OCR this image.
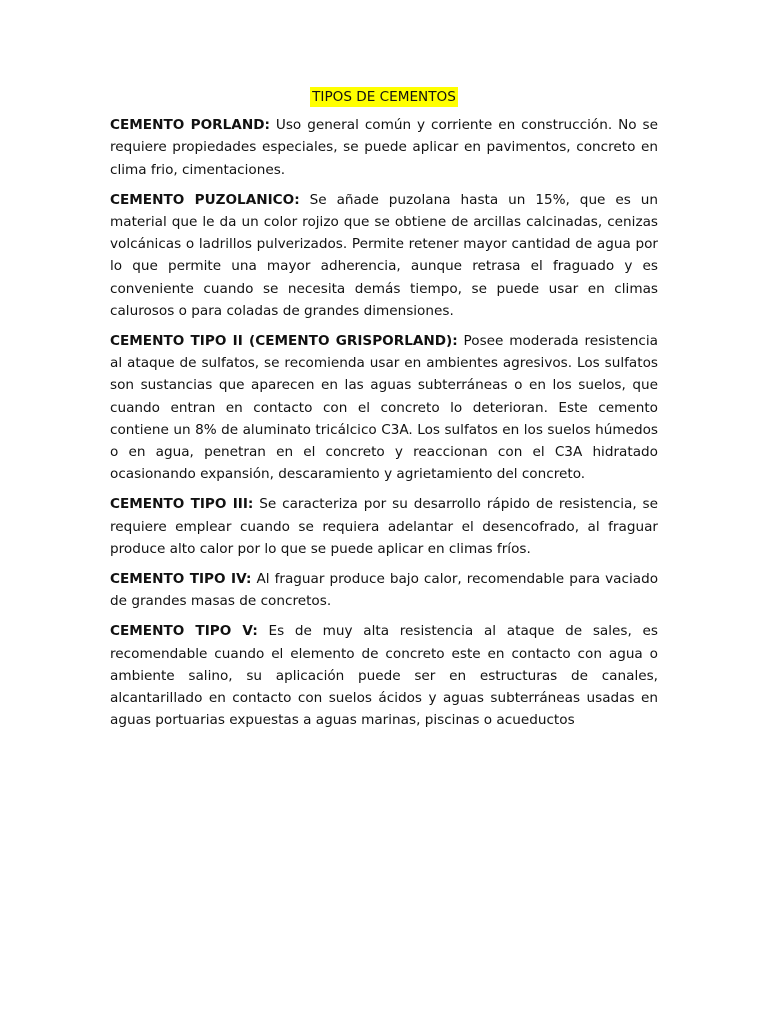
TIPOS DE CEMENTOS

CEMENTO PORLAND: Uso general común y corriente en construcción. No se requiere propiedades especiales, se puede aplicar en pavimentos, concreto en clima frio, cimentaciones.

CEMENTO PUZOLANICO: Se añade puzolana hasta un 15%, que es un material que le da un color rojizo que se obtiene de arcillas calcinadas, cenizas volcánicas o ladrillos pulverizados. Permite retener mayor cantidad de agua por lo que permite una mayor adherencia, aunque retrasa el fraguado y es conveniente cuando se necesita demás tiempo, se puede usar en climas calurosos o para coladas de grandes dimensiones.

CEMENTO TIPO II (CEMENTO GRISPORLAND): Posee moderada resistencia al ataque de sulfatos, se recomienda usar en ambientes agresivos. Los sulfatos son sustancias que aparecen en las aguas subterráneas o en los suelos, que cuando entran en contacto con el concreto lo deterioran. Este cemento contiene un 8% de aluminato tricálcico C3A. Los sulfatos en los suelos húmedos o en agua, penetran en el concreto y reaccionan con el C3A hidratado ocasionando expansión, descaramiento y agrietamiento del concreto.

CEMENTO TIPO III: Se caracteriza por su desarrollo rápido de resistencia, se requiere emplear cuando se requiera adelantar el desencofrado, al fraguar produce alto calor por lo que se puede aplicar en climas fríos.

CEMENTO TIPO IV: Al fraguar produce bajo calor, recomendable para vaciado de grandes masas de concretos.

CEMENTO TIPO V: Es de muy alta resistencia al ataque de sales, es recomendable cuando el elemento de concreto este en contacto con agua o ambiente salino, su aplicación puede ser en estructuras de canales, alcantarillado en contacto con suelos ácidos y aguas subterráneas usadas en aguas portuarias expuestas a aguas marinas, piscinas o acueductos
